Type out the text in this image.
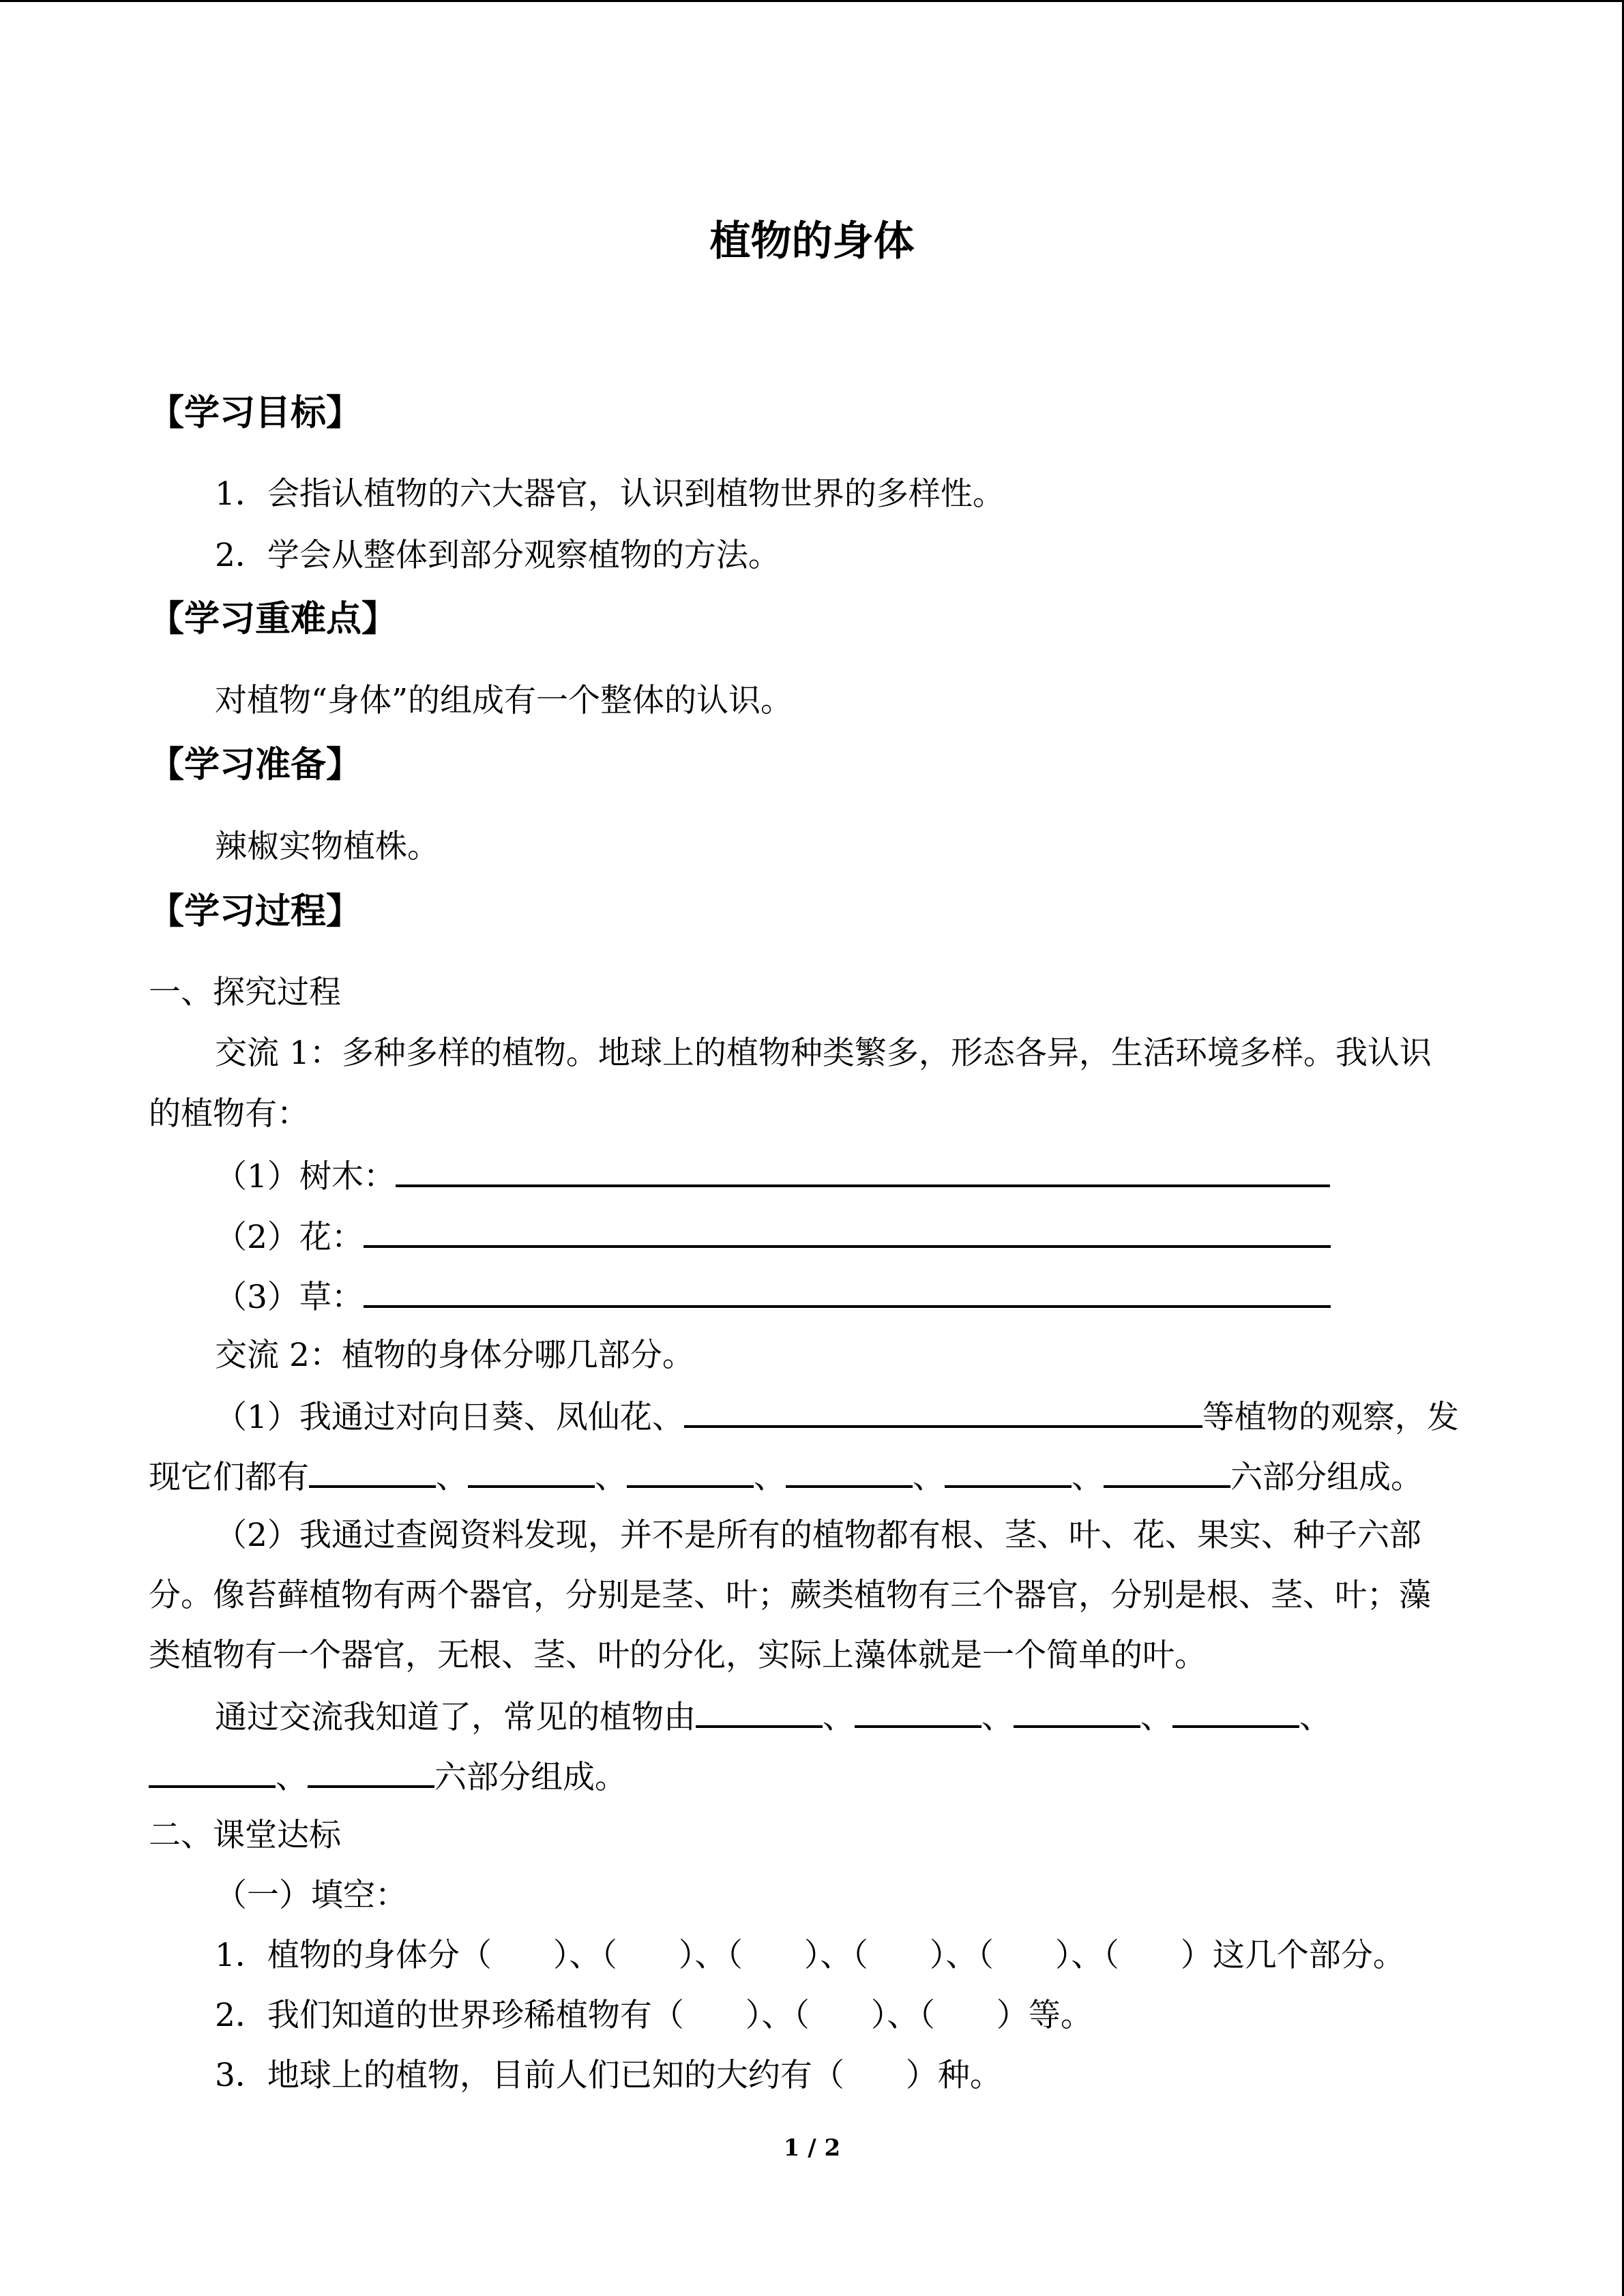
植物的身体
【学习目标】
1．会指认植物的六大器官，认识到植物世界的多样性。
2．学会从整体到部分观察植物的方法。
【学习重难点】
对植物“身体”的组成有一个整体的认识。
【学习准备】
辣椒实物植株。
【学习过程】
一、探究过程
交流 1：多种多样的植物。地球上的植物种类繁多，形态各异，生活环境多样。我认识
的植物有：
（1）树木：
（2）花：
（3）草：
交流 2：植物的身体分哪几部分。
（1）我通过对向日葵、凤仙花、	等植物的观察，发
现它们都有	、	、	、	、	、	六部分组成。
（2）我通过查阅资料发现，并不是所有的植物都有根、茎、叶、花、果实、种子六部
分。像苔藓植物有两个器官，分别是茎、叶；蕨类植物有三个器官，分别是根、茎、叶；藻
类植物有一个器官，无根、茎、叶的分化，实际上藻体就是一个简单的叶。
通过交流我知道了，常见的植物由	、	、	、	、
、	六部分组成。
二、课堂达标
（一）填空：
1．植物的身体分（ ）、（ ）、（ ）、（ ）、（ ）、（ ）这几个部分。
2．我们知道的世界珍稀植物有（ ）、（ ）、（ ）等。
3．地球上的植物，目前人们已知的大约有（ ）种。
1 / 2
